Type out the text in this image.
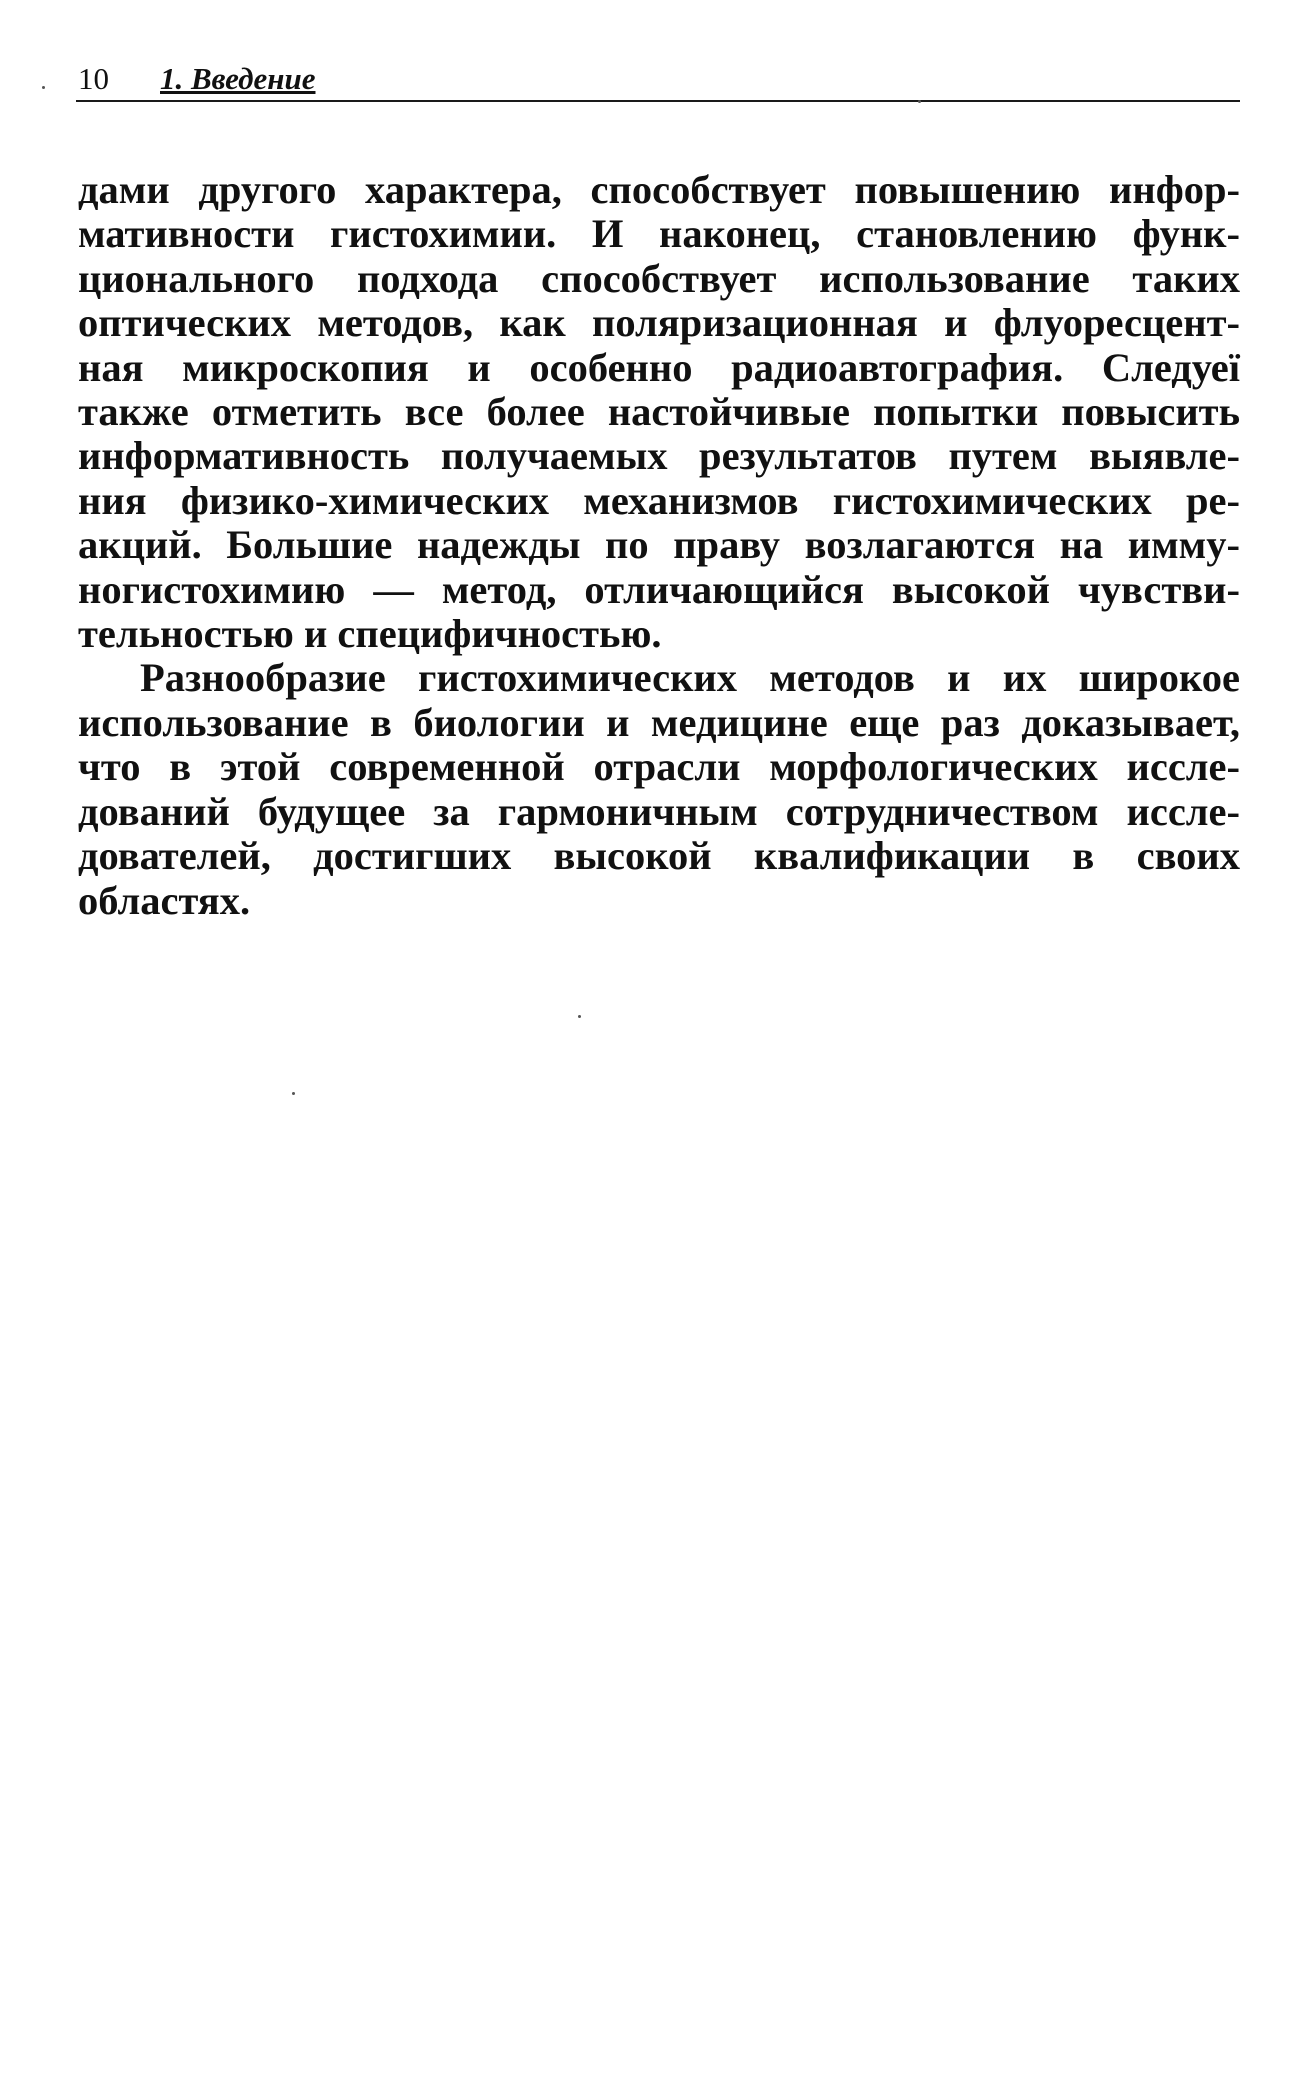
10 1. Введение

дами другого характера, способствует повышению инфор-
мативности гистохимии. И наконец, становлению функ-
ционального подхода способствует использование таких
оптических методов, как поляризационная и флуоресцент-
ная микроскопия и особенно радиоавтография. Следуеї
также отметить все более настойчивые попытки повысить
информативность получаемых результатов путем выявле-
ния физико-химических механизмов гистохимических ре-
акций. Большие надежды по праву возлагаются на имму-
ногистохимию — метод, отличающийся высокой чувстви-
тельностью и специфичностью.

Разнообразие гистохимических методов и их широкое
использование в биологии и медицине еще раз доказывает,
что в этой современной отрасли морфологических иссле-
дований будущее за гармоничным сотрудничеством иссле-
дователей, достигших высокой квалификации в своих
областях.
